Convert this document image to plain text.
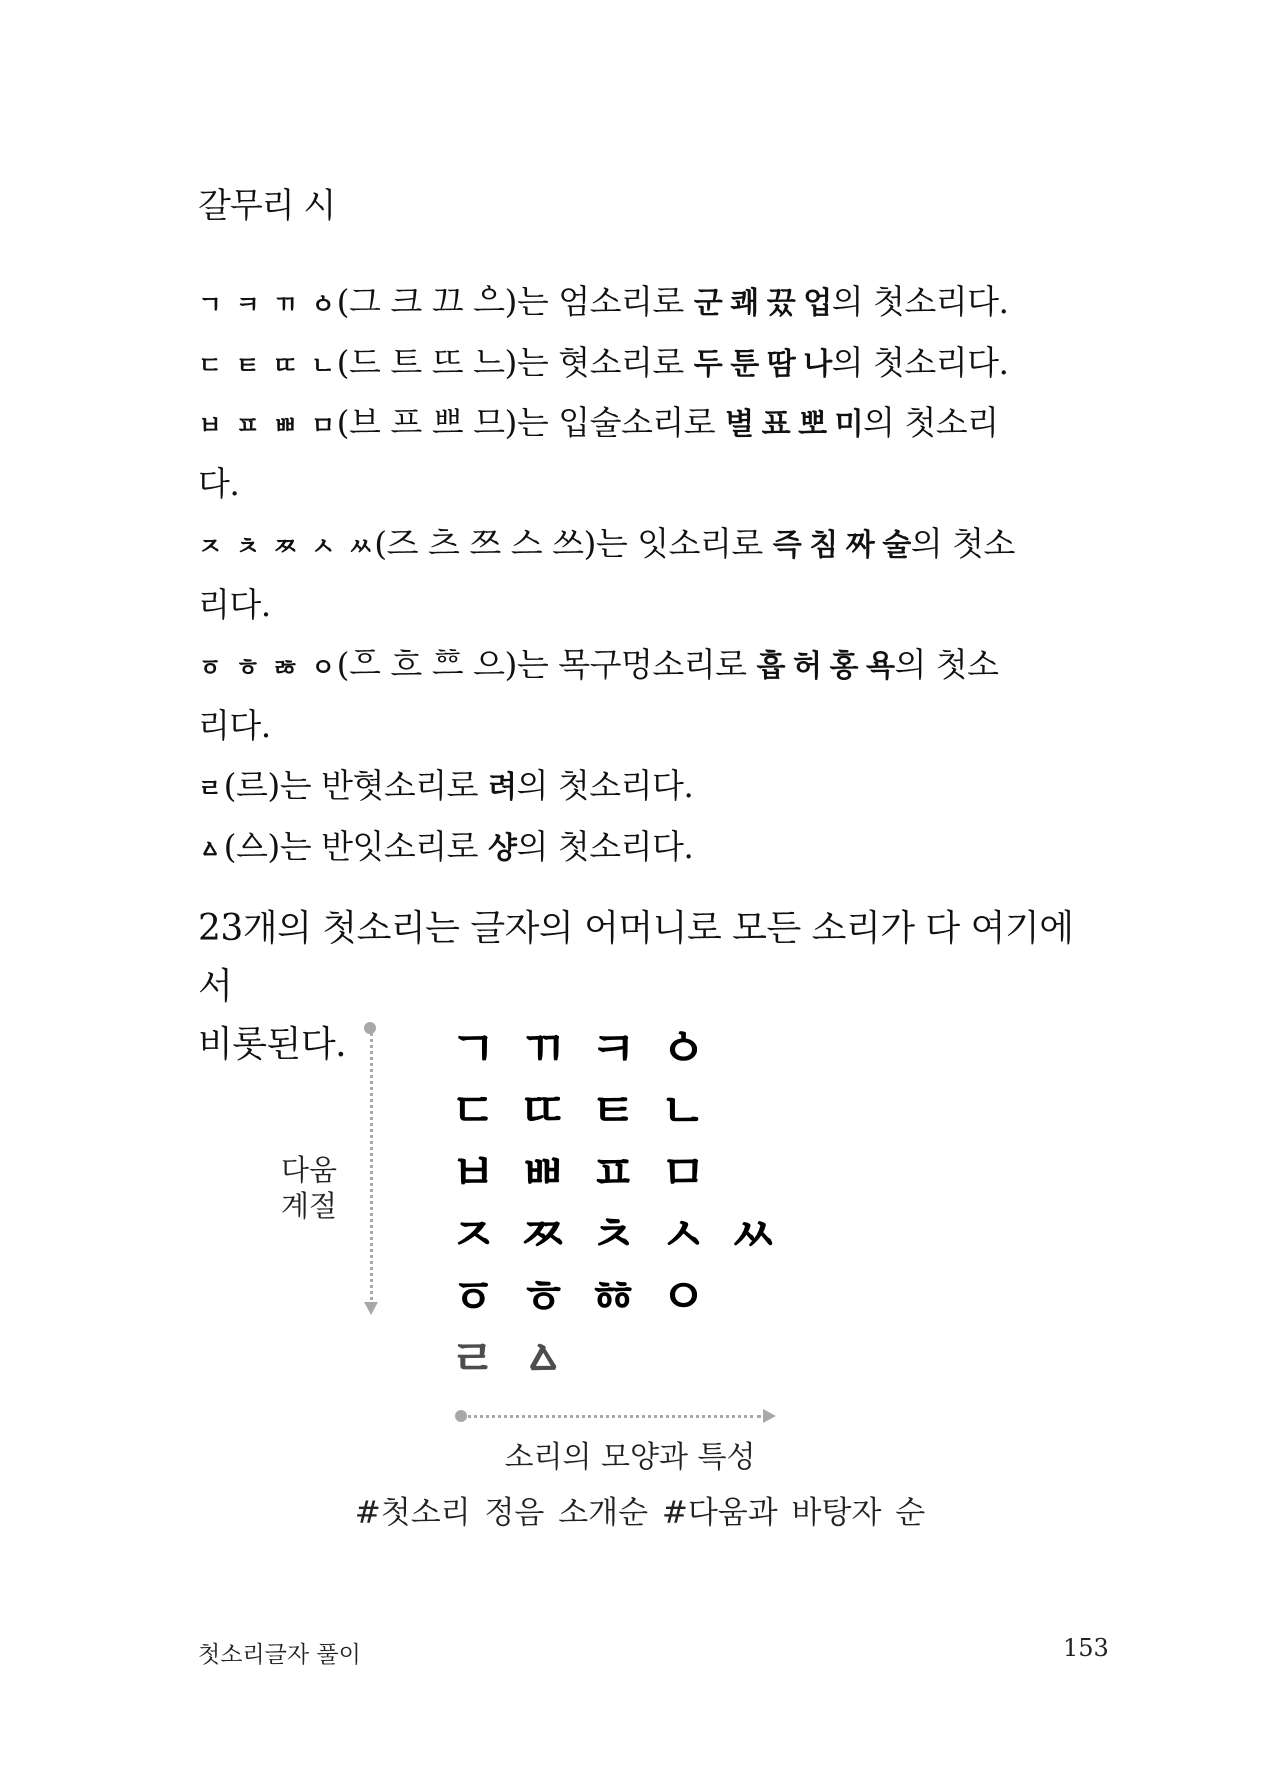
갈무리 시
ㄱ ㅋ ㄲ ㆁ(그 크 끄 ᅌᅳ)는 엄소리로 군 쾌 끘 업의 첫소리다.
ㄷ ㅌ ㄸ ㄴ(드 트 뜨 느)는 혓소리로 두 툰 땀 나의 첫소리다.
ㅂ ㅍ ㅃ ㅁ(브 프 쁘 므)는 입술소리로 별 표 뽀 미의 첫소리
다.
ㅈ ㅊ ㅉ ㅅ ㅆ(즈 츠 쯔 스 쓰)는 잇소리로 즉 침 짜 술의 첫소
리다.
ㆆ ㅎ ㅀ ㅇ(ᅙᅳ 흐 ᅘᅳ 으)는 목구멍소리로 흡 허 홍 욕의 첫소
리다.
ㄹ(르)는 반혓소리로 려의 첫소리다.
ㅿ(ᅀᅳ)는 반잇소리로 샹의 첫소리다.
23개의 첫소리는 글자의 어머니로 모든 소리가 다 여기에서
비롯된다.
다움
계절
ㄱ ㄲ ㅋ ㆁ
ㄷ ㄸ ㅌ ㄴ
ㅂ ㅃ ㅍ ㅁ
ㅈ ㅉ ㅊ ㅅ ㅆ
ㆆ ㅎ ㆅ ㅇ
ㄹ ㅿ
소리의 모양과 특성
#첫소리 정음 소개순 #다움과 바탕자 순
첫소리글자 풀이	153
